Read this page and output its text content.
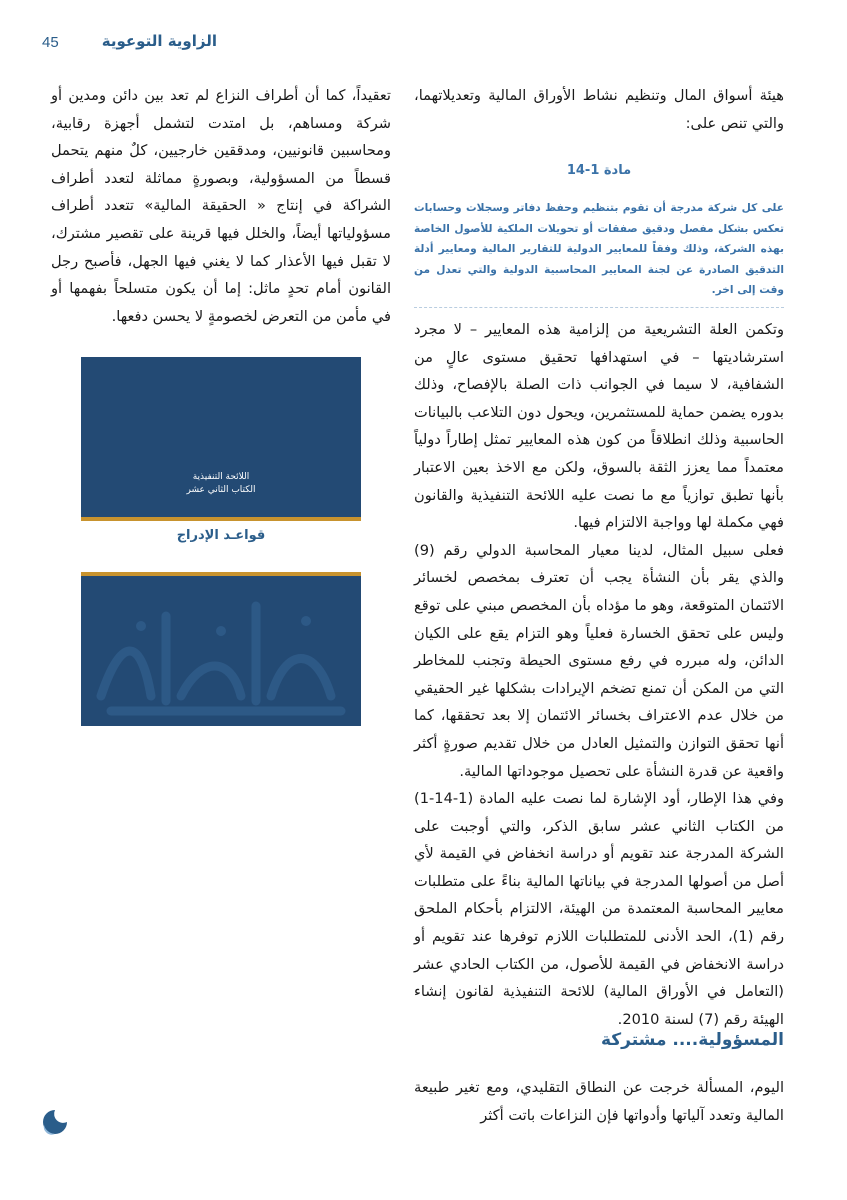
45	الزاوية التوعوية

هيئة أسواق المال وتنظيم نشاط الأوراق المالية وتعديلاتهما، والتي تنص على:

مادة 1-14
على كل شركة مدرجة أن تقوم بتنظيم وحفظ دفاتر وسجلات وحسابات تعكس بشكل مفصل ودقيق صفقات أو تحويلات الملكية للأصول الخاصة بهذه الشركة، وذلك وفقاً للمعايير الدولية للتقارير المالية ومعايير أدلة التدقيق الصادرة عن لجنة المعايير المحاسبية الدولية والتي تعدل من وقت إلى اخر.

وتكمن العلة التشريعية من إلزامية هذه المعايير – لا مجرد استرشاديتها – في استهدافها تحقيق مستوى عالٍ من الشفافية، لا سيما في الجوانب ذات الصلة بالإفصاح، وذلك بدوره يضمن حماية للمستثمرين، ويحول دون التلاعب بالبيانات الحاسبية وذلك انطلاقاً من كون هذه المعايير تمثل إطاراً دولياً معتمداً مما يعزز الثقة بالسوق، ولكن مع الاخذ بعين الاعتبار بأنها تطبق توازياً مع ما نصت عليه اللائحة التنفيذية والقانون فهي مكملة لها وواجبة الالتزام فيها.

فعلى سبيل المثال، لدينا معيار المحاسبة الدولي رقم (9) والذي يقر بأن النشأة يجب أن تعترف بمخصص لخسائر الائتمان المتوقعة، وهو ما مؤداه بأن المخصص مبني على توقع وليس على تحقق الخسارة فعلياً وهو التزام يقع على الكيان الدائن، وله مبرره في رفع مستوى الحيطة وتجنب للمخاطر التي من المكن أن تمنع تضخم الإيرادات بشكلها غير الحقيقي من خلال عدم الاعتراف بخسائر الائتمان إلا بعد تحققها، كما أنها تحقق التوازن والتمثيل العادل من خلال تقديم صورةٍ أكثر واقعية عن قدرة النشأة على تحصيل موجوداتها المالية.

وفي هذا الإطار، أود الإشارة لما نصت عليه المادة (1-14-1) من الكتاب الثاني عشر سابق الذكر، والتي أوجبت على الشركة المدرجة عند تقويم أو دراسة انخفاض في القيمة لأي أصل من أصولها المدرجة في بياناتها المالية بناءً على متطلبات معايير المحاسبة المعتمدة من الهيئة، الالتزام بأحكام الملحق رقم (1)، الحد الأدنى للمتطلبات اللازم توفرها عند تقويم أو دراسة الانخفاض في القيمة للأصول، من الكتاب الحادي عشر (التعامل في الأوراق المالية) للائحة التنفيذية لقانون إنشاء الهيئة رقم (7) لسنة 2010.

المسؤولية.... مشتركة

اليوم، المسألة خرجت عن النطاق التقليدي، ومع تغير طبيعة المالية وتعدد آلياتها وأدواتها فإن النزاعات باتت أكثر

تعقيداً، كما أن أطراف النزاع لم تعد بين دائن ومدين أو شركة ومساهم، بل امتدت لتشمل أجهزة رقابية، ومحاسبين قانونيين، ومدققين خارجيين، كلٌ منهم يتحمل قسطاً من المسؤولية، وبصورةٍ مماثلة لتعدد أطراف الشراكة في إنتاج « الحقيقة المالية» تتعدد أطراف مسؤولياتها أيضاً، والخلل فيها قرينة على تقصير مشترك، لا تقبل فيها الأعذار كما لا يغني فيها الجهل، فأصبح رجل القانون أمام تحدٍ ماثل: إما أن يكون متسلحاً بفهمها أو في مأمن من التعرض لخصومةٍ لا يحسن دفعها.

اللائحة التنفيذية
الكتاب الثاني عشر
قواعـد الإدراج
